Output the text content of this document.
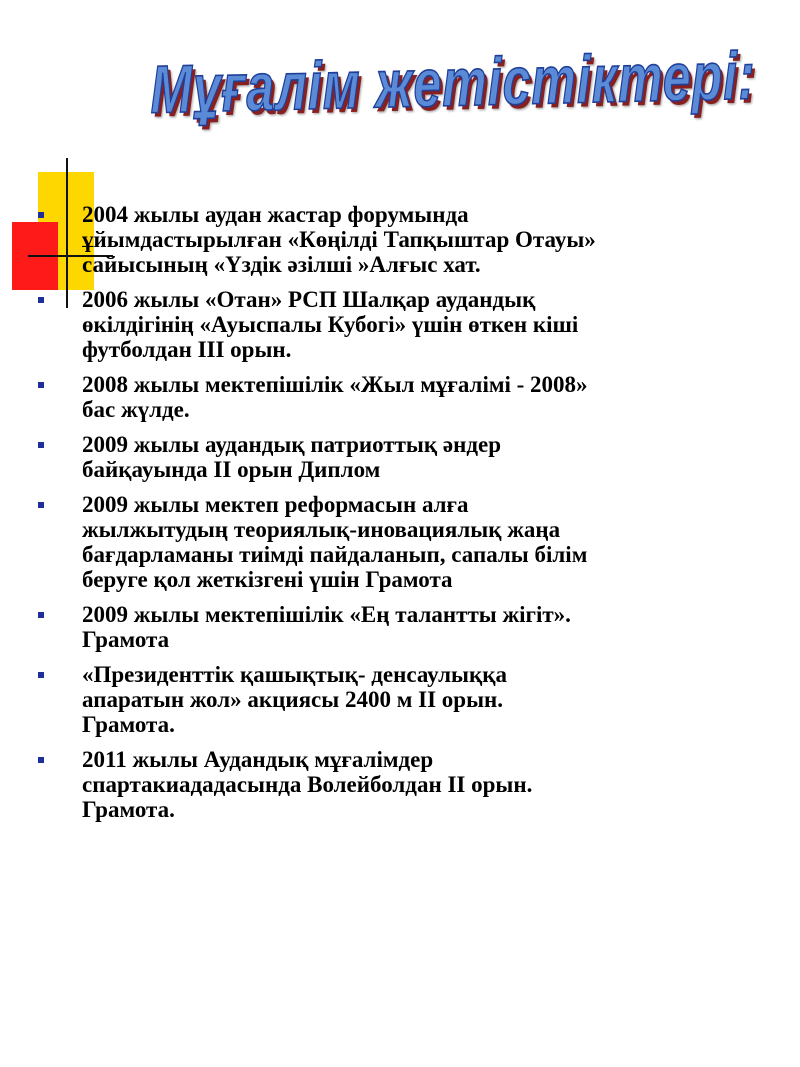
Мұғалім жетістіктері:
2004 жылы аудан жастар форумында
ұйымдастырылған «Көңілді Тапқыштар Отауы»
сайысының «Үздік әзілші »Алғыс хат.
2006 жылы «Отан» РСП Шалқар аудандық
өкілдігінің «Ауыспалы Кубогі» үшін өткен кіші
футболдан ІІІ орын.
2008 жылы мектепішілік «Жыл мұғалімі - 2008»
бас жүлде.
2009 жылы аудандық патриоттық әндер
байқауында ІІ орын Диплом
2009 жылы мектеп реформасын алға
жылжытудың теориялық-иновациялық жаңа
бағдарламаны тиімді пайдаланып, сапалы білім
беруге қол жеткізгені үшін Грамота
2009 жылы мектепішілік «Ең талантты жігіт».
Грамота
«Президенттік қашықтық- денсаулыққа
апаратын жол» акциясы 2400 м ІІ орын.
Грамота.
2011 жылы Аудандық мұғалімдер
спартакиададасында Волейболдан ІІ орын.
Грамота.
